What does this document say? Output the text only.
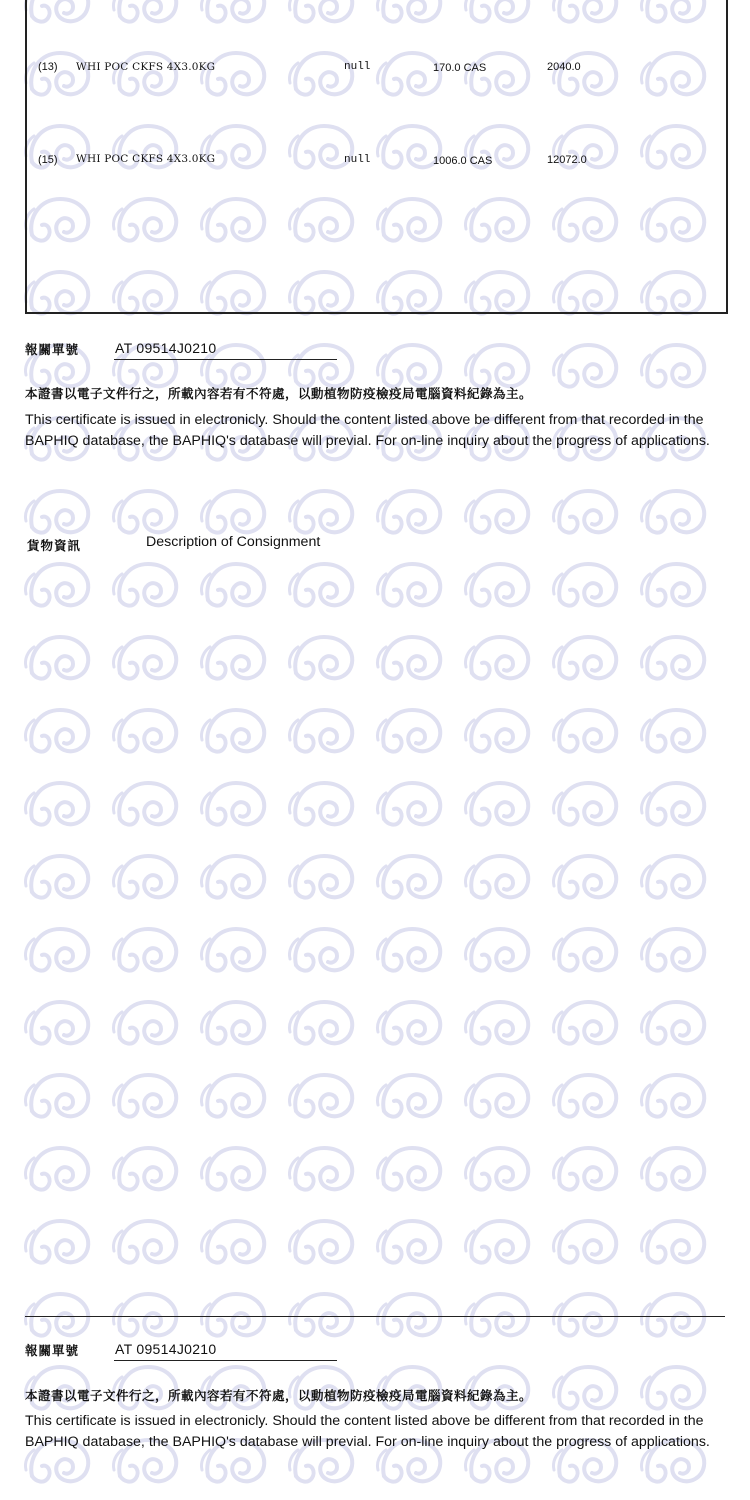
(13) WHI POC CKFS 4X3.0KG	null	170.0 CAS	2040.0
(15) WHI POC CKFS 4X3.0KG	null	1006.0 CAS	12072.0
報關單號	AT 09514J0210
本證書以電子文件行之，所載內容若有不符處，以動植物防疫檢疫局電腦資料紀錄為主。
This certificate is issued in electronicly. Should the content listed above be different from that recorded in the BAPHIQ database, the BAPHIQ's database will previal. For on-line inquiry about the progress of applications.
貨物資訊	Description of Consignment
報關單號	AT 09514J0210
本證書以電子文件行之，所載內容若有不符處，以動植物防疫檢疫局電腦資料紀錄為主。
This certificate is issued in electronicly. Should the content listed above be different from that recorded in the BAPHIQ database, the BAPHIQ's database will previal. For on-line inquiry about the progress of applications.
